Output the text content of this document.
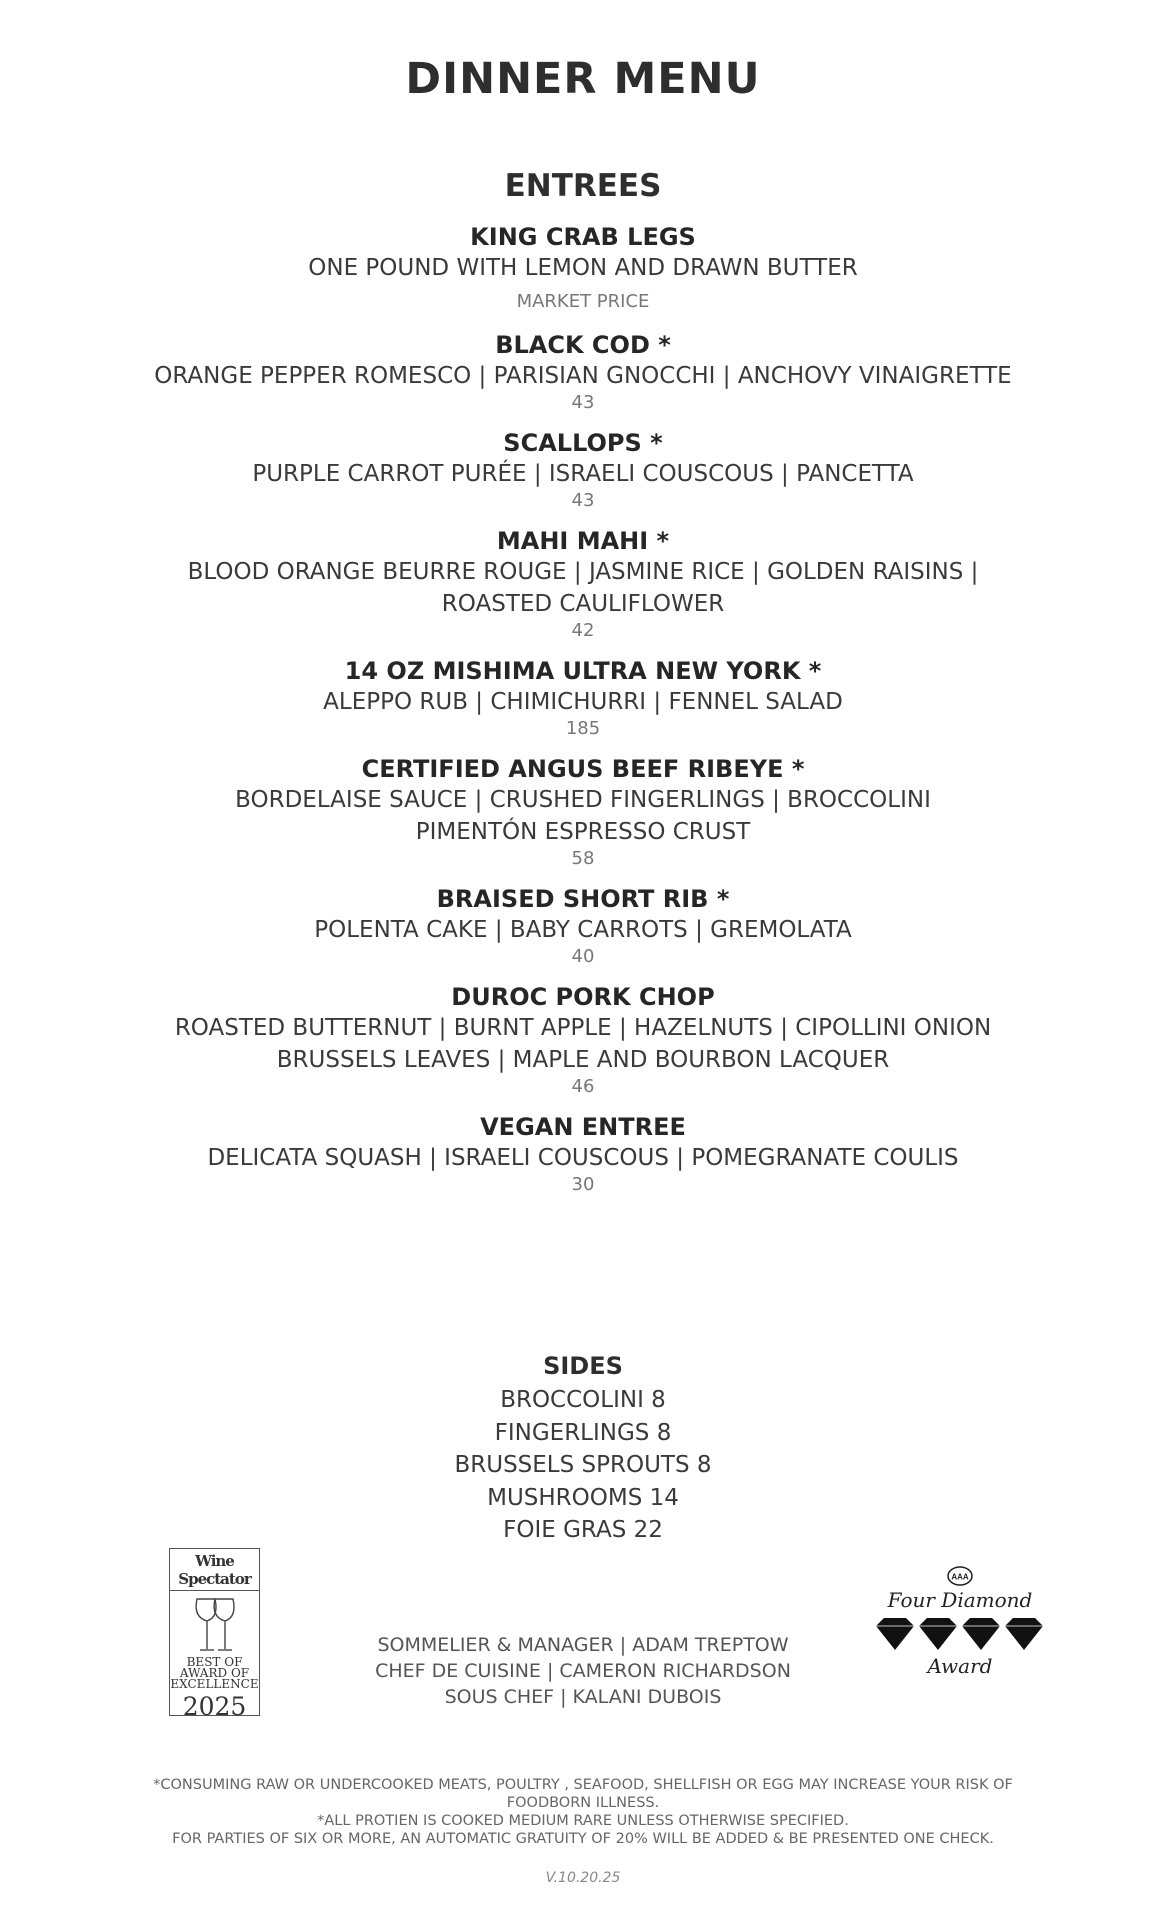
DINNER MENU
ENTREES
KING CRAB LEGS
ONE POUND WITH LEMON AND DRAWN BUTTER
MARKET PRICE
BLACK COD *
ORANGE PEPPER ROMESCO | PARISIAN GNOCCHI | ANCHOVY VINAIGRETTE
43
SCALLOPS *
PURPLE CARROT PURÉE | ISRAELI COUSCOUS | PANCETTA
43
MAHI MAHI *
BLOOD ORANGE BEURRE ROUGE | JASMINE RICE | GOLDEN RAISINS | ROASTED CAULIFLOWER
42
14 OZ MISHIMA ULTRA NEW YORK *
ALEPPO RUB | CHIMICHURRI | FENNEL SALAD
185
CERTIFIED ANGUS BEEF RIBEYE *
BORDELAISE SAUCE | CRUSHED FINGERLINGS | BROCCOLINI
PIMENTÓN ESPRESSO CRUST
58
BRAISED SHORT RIB *
POLENTA CAKE | BABY CARROTS | GREMOLATA
40
DUROC PORK CHOP
ROASTED BUTTERNUT | BURNT APPLE | HAZELNUTS | CIPOLLINI ONION
BRUSSELS LEAVES | MAPLE AND BOURBON LACQUER
46
VEGAN ENTREE
DELICATA SQUASH | ISRAELI COUSCOUS | POMEGRANATE COULIS
30
SIDES
BROCCOLINI 8
FINGERLINGS 8
BRUSSELS SPROUTS 8
MUSHROOMS 14
FOIE GRAS 22
Wine Spectator
BEST OF
AWARD OF
EXCELLENCE
2025
AAA
Four Diamond
Award
SOMMELIER & MANAGER | ADAM TREPTOW
CHEF DE CUISINE | CAMERON RICHARDSON
SOUS CHEF | KALANI DUBOIS
*CONSUMING RAW OR UNDERCOOKED MEATS, POULTRY , SEAFOOD, SHELLFISH OR EGG MAY INCREASE YOUR RISK OF FOODBORN ILLNESS.
*ALL PROTIEN IS COOKED MEDIUM RARE UNLESS OTHERWISE SPECIFIED.
FOR PARTIES OF SIX OR MORE, AN AUTOMATIC GRATUITY OF 20% WILL BE ADDED & BE PRESENTED ONE CHECK.
V.10.20.25
